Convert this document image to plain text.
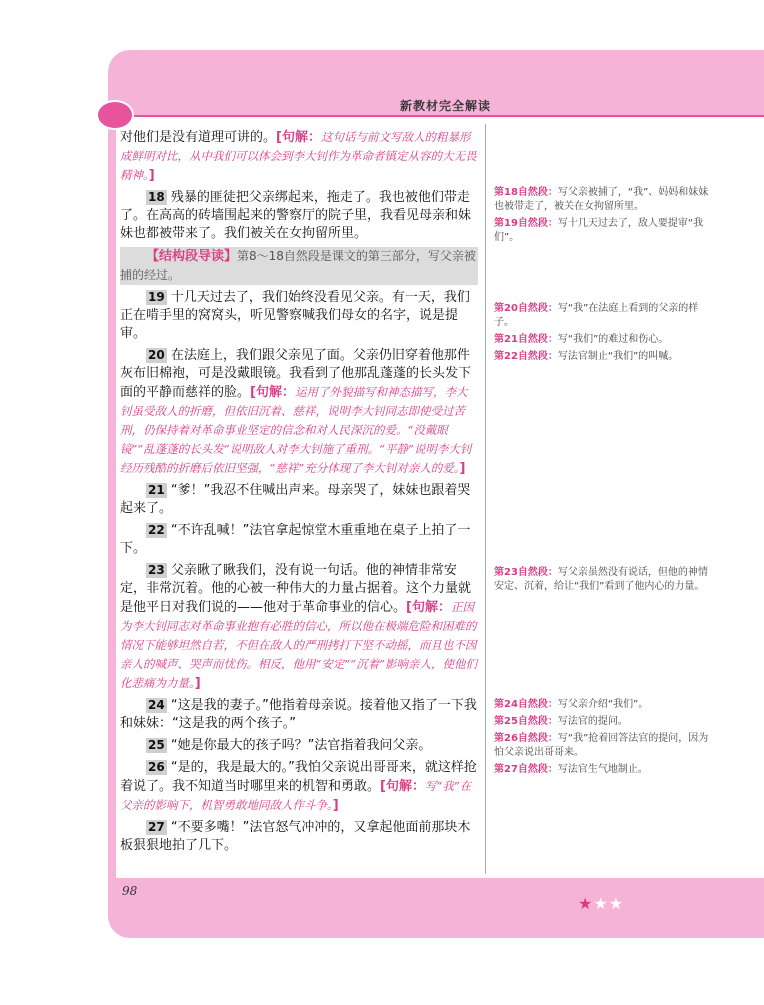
新教材完全解读

对他们是没有道理可讲的。[句解：这句话与前文写敌人的粗暴形成鲜明对比，从中我们可以体会到李大钊作为革命者镇定从容的大无畏精神。]

18 残暴的匪徒把父亲绑起来，拖走了。我也被他们带走了。在高高的砖墙围起来的警察厅的院子里，我看见母亲和妹妹也都被带来了。我们被关在女拘留所里。

【结构段导读】第8～18自然段是课文的第三部分，写父亲被捕的经过。

19 十几天过去了，我们始终没看见父亲。有一天，我们正在啃手里的窝窝头，听见警察喊我们母女的名字，说是提审。

20 在法庭上，我们跟父亲见了面。父亲仍旧穿着他那件灰布旧棉袍，可是没戴眼镜。我看到了他那乱蓬蓬的长头发下面的平静而慈祥的脸。[句解：运用了外貌描写和神态描写，李大钊虽受敌人的折磨，但依旧沉着、慈祥，说明李大钊同志即使受过苦刑，仍保持着对革命事业坚定的信念和对人民深沉的爱。“没戴眼镜”“乱蓬蓬的长头发”说明敌人对李大钊施了重刑。“平静”说明李大钊经历残酷的折磨后依旧坚强，“慈祥”充分体现了李大钊对亲人的爱。]

21 “爹！”我忍不住喊出声来。母亲哭了，妹妹也跟着哭起来了。

22 “不许乱喊！”法官拿起惊堂木重重地在桌子上拍了一下。

23 父亲瞅了瞅我们，没有说一句话。他的神情非常安定，非常沉着。他的心被一种伟大的力量占据着。这个力量就是他平日对我们说的——他对于革命事业的信心。[句解：正因为李大钊同志对革命事业抱有必胜的信心，所以他在极端危险和困难的情况下能够坦然自若，不但在敌人的严刑拷打下坚不动摇，而且也不因亲人的喊声、哭声而忧伤。相反，他用“安定”“沉着”影响亲人，使他们化悲痛为力量。]

24 “这是我的妻子。”他指着母亲说。接着他又指了一下我和妹妹：“这是我的两个孩子。”

25 “她是你最大的孩子吗？”法官指着我问父亲。

26 “是的，我是最大的。”我怕父亲说出哥哥来，就这样抢着说了。我不知道当时哪里来的机智和勇敢。[句解：写“我”在父亲的影响下，机智勇敢地同敌人作斗争。]

27 “不要多嘴！”法官怒气冲冲的，又拿起他面前那块木板狠狠地拍了几下。

第18自然段：写父亲被捕了，“我”、妈妈和妹妹也被带走了，被关在女拘留所里。

第19自然段：写十几天过去了，敌人要提审“我们”。

第20自然段：写“我”在法庭上看到的父亲的样子。

第21自然段：写“我们”的难过和伤心。

第22自然段：写法官制止“我们”的叫喊。

第23自然段：写父亲虽然没有说话，但他的神情安定、沉着，给让“我们”看到了他内心的力量。

第24自然段：写父亲介绍“我们”。

第25自然段：写法官的提问。

第26自然段：写“我”抢着回答法官的提问，因为怕父亲说出哥哥来。

第27自然段：写法官生气地制止。

98
★★★
